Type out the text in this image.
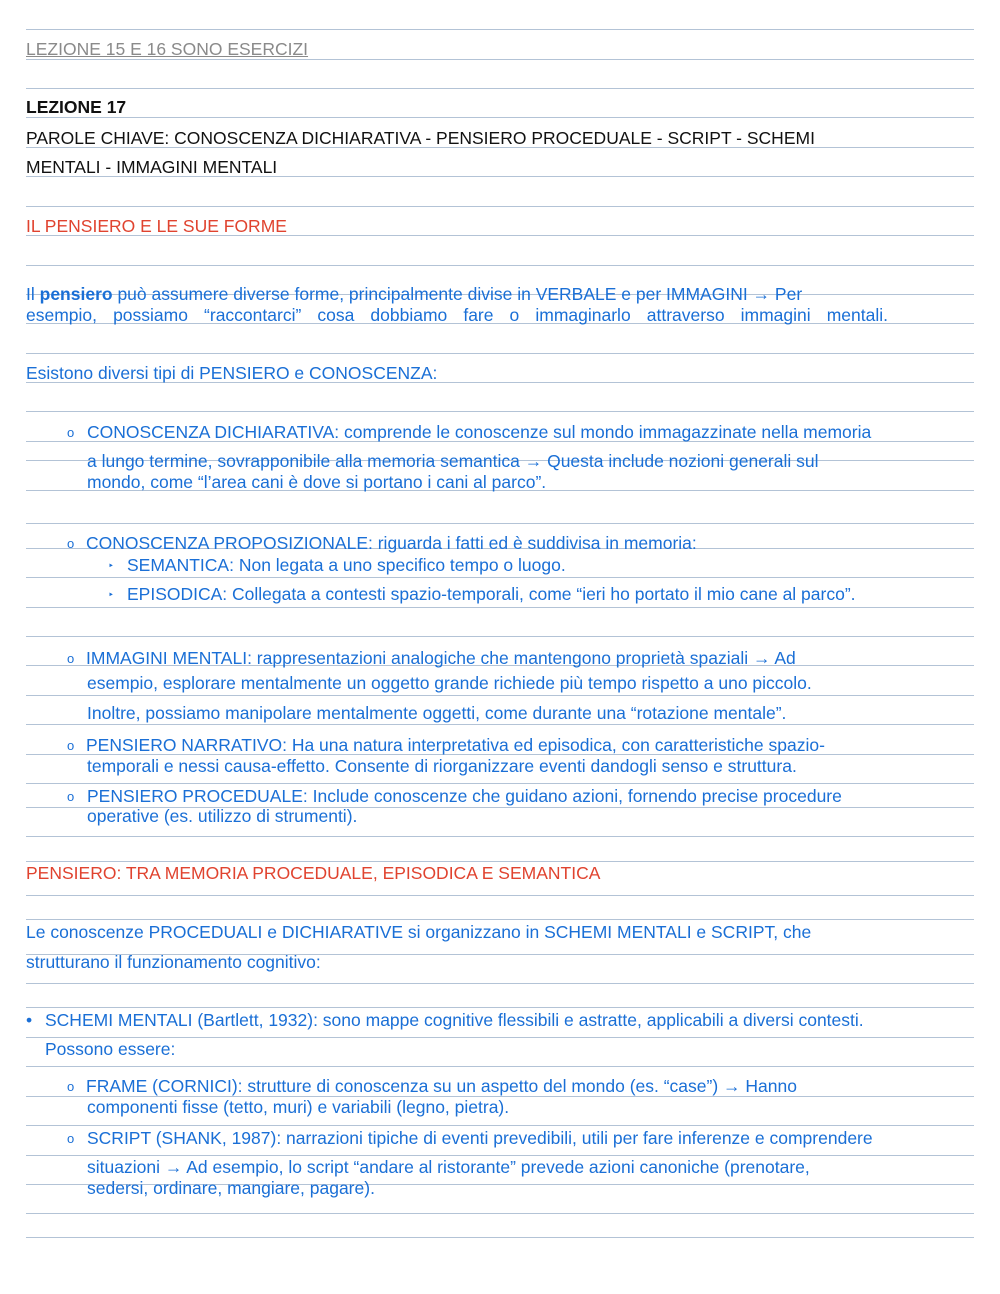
LEZIONE 15 E 16 SONO ESERCIZI
LEZIONE 17
PAROLE CHIAVE: CONOSCENZA DICHIARATIVA - PENSIERO PROCEDUALE - SCRIPT - SCHEMI
MENTALI - IMMAGINI MENTALI
IL PENSIERO E LE SUE FORME
Il pensiero può assumere diverse forme, principalmente divise in VERBALE e per IMMAGINI → Per
esempio, possiamo “raccontarci” cosa dobbiamo fare o immaginarlo attraverso immagini mentali.
Esistono diversi tipi di PENSIERO e CONOSCENZA:
o CONOSCENZA DICHIARATIVA: comprende le conoscenze sul mondo immagazzinate nella memoria
a lungo termine, sovrapponibile alla memoria semantica → Questa include nozioni generali sul
mondo, come “l’area cani è dove si portano i cani al parco”.
o CONOSCENZA PROPOSIZIONALE: riguarda i fatti ed è suddivisa in memoria:
‣ SEMANTICA: Non legata a uno specifico tempo o luogo.
‣ EPISODICA: Collegata a contesti spazio-temporali, come “ieri ho portato il mio cane al parco”.
o IMMAGINI MENTALI: rappresentazioni analogiche che mantengono proprietà spaziali → Ad
esempio, esplorare mentalmente un oggetto grande richiede più tempo rispetto a uno piccolo.
Inoltre, possiamo manipolare mentalmente oggetti, come durante una “rotazione mentale”.
o PENSIERO NARRATIVO: Ha una natura interpretativa ed episodica, con caratteristiche spazio-
temporali e nessi causa-effetto. Consente di riorganizzare eventi dandogli senso e struttura.
o PENSIERO PROCEDUALE: Include conoscenze che guidano azioni, fornendo precise procedure
operative (es. utilizzo di strumenti).
PENSIERO: TRA MEMORIA PROCEDUALE, EPISODICA E SEMANTICA
Le conoscenze PROCEDUALI e DICHIARATIVE si organizzano in SCHEMI MENTALI e SCRIPT, che
strutturano il funzionamento cognitivo:
• SCHEMI MENTALI (Bartlett, 1932): sono mappe cognitive flessibili e astratte, applicabili a diversi contesti.
Possono essere:
o FRAME (CORNICI): strutture di conoscenza su un aspetto del mondo (es. “case”) → Hanno
componenti fisse (tetto, muri) e variabili (legno, pietra).
o SCRIPT (SHANK, 1987): narrazioni tipiche di eventi prevedibili, utili per fare inferenze e comprendere
situazioni → Ad esempio, lo script “andare al ristorante” prevede azioni canoniche (prenotare,
sedersi, ordinare, mangiare, pagare).
